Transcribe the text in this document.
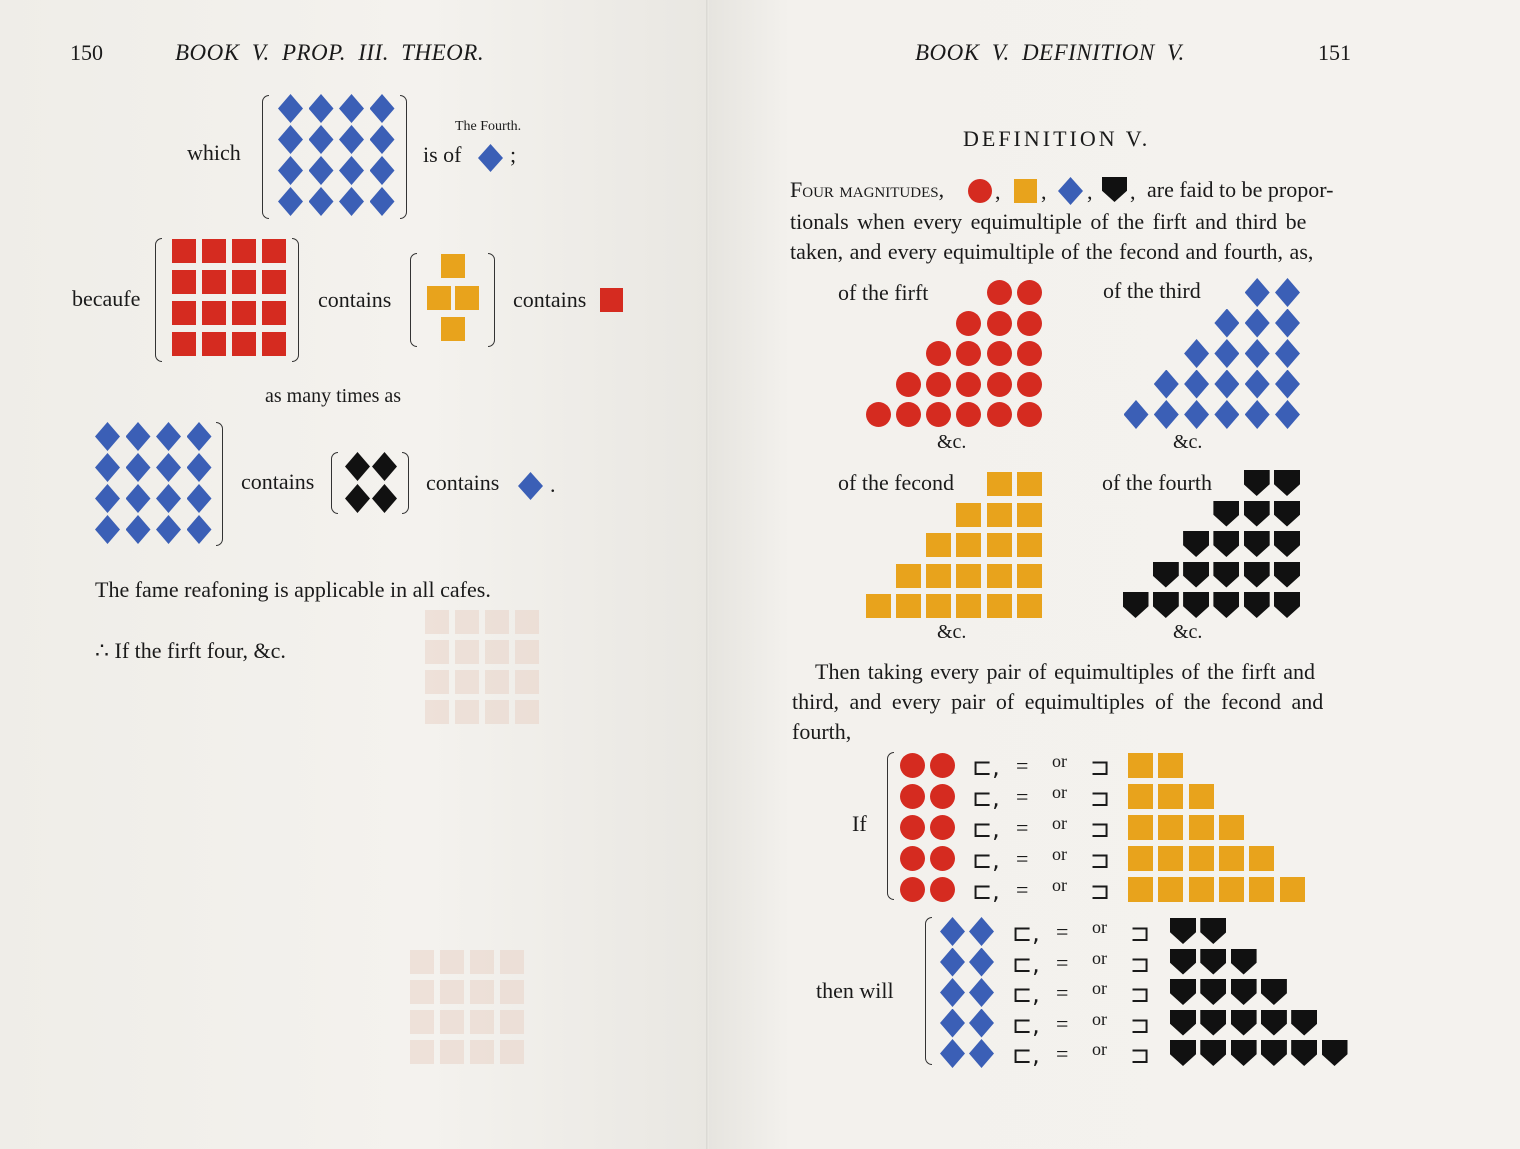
150	BOOK V. PROP. III. THEOR.
which
The Fourth.
is of ;
becaufe	contains	contains
as many times as
contains	contains .
The fame reafoning is applicable in all cafes.
∴ If the firft four, &c.
BOOK V. DEFINITION V.	151
DEFINITION V.
Four magnitudes, , , , , are faid to be propor-
tionals when every equimultiple of the firft and third be
taken, and every equimultiple of the fecond and fourth, as,
of the firft	of the third
&c.	&c.
of the fecond	of the fourth
&c.	&c.
Then taking every pair of equimultiples of the firft and
third, and every pair of equimultiples of the fecond and
fourth,
If
then will
⊏, = or ⊐
⊏, = or ⊐
⊏, = or ⊐
⊏, = or ⊐
⊏, = or ⊐
⊏, = or ⊐
⊏, = or ⊐
⊏, = or ⊐
⊏, = or ⊐
⊏, = or ⊐
